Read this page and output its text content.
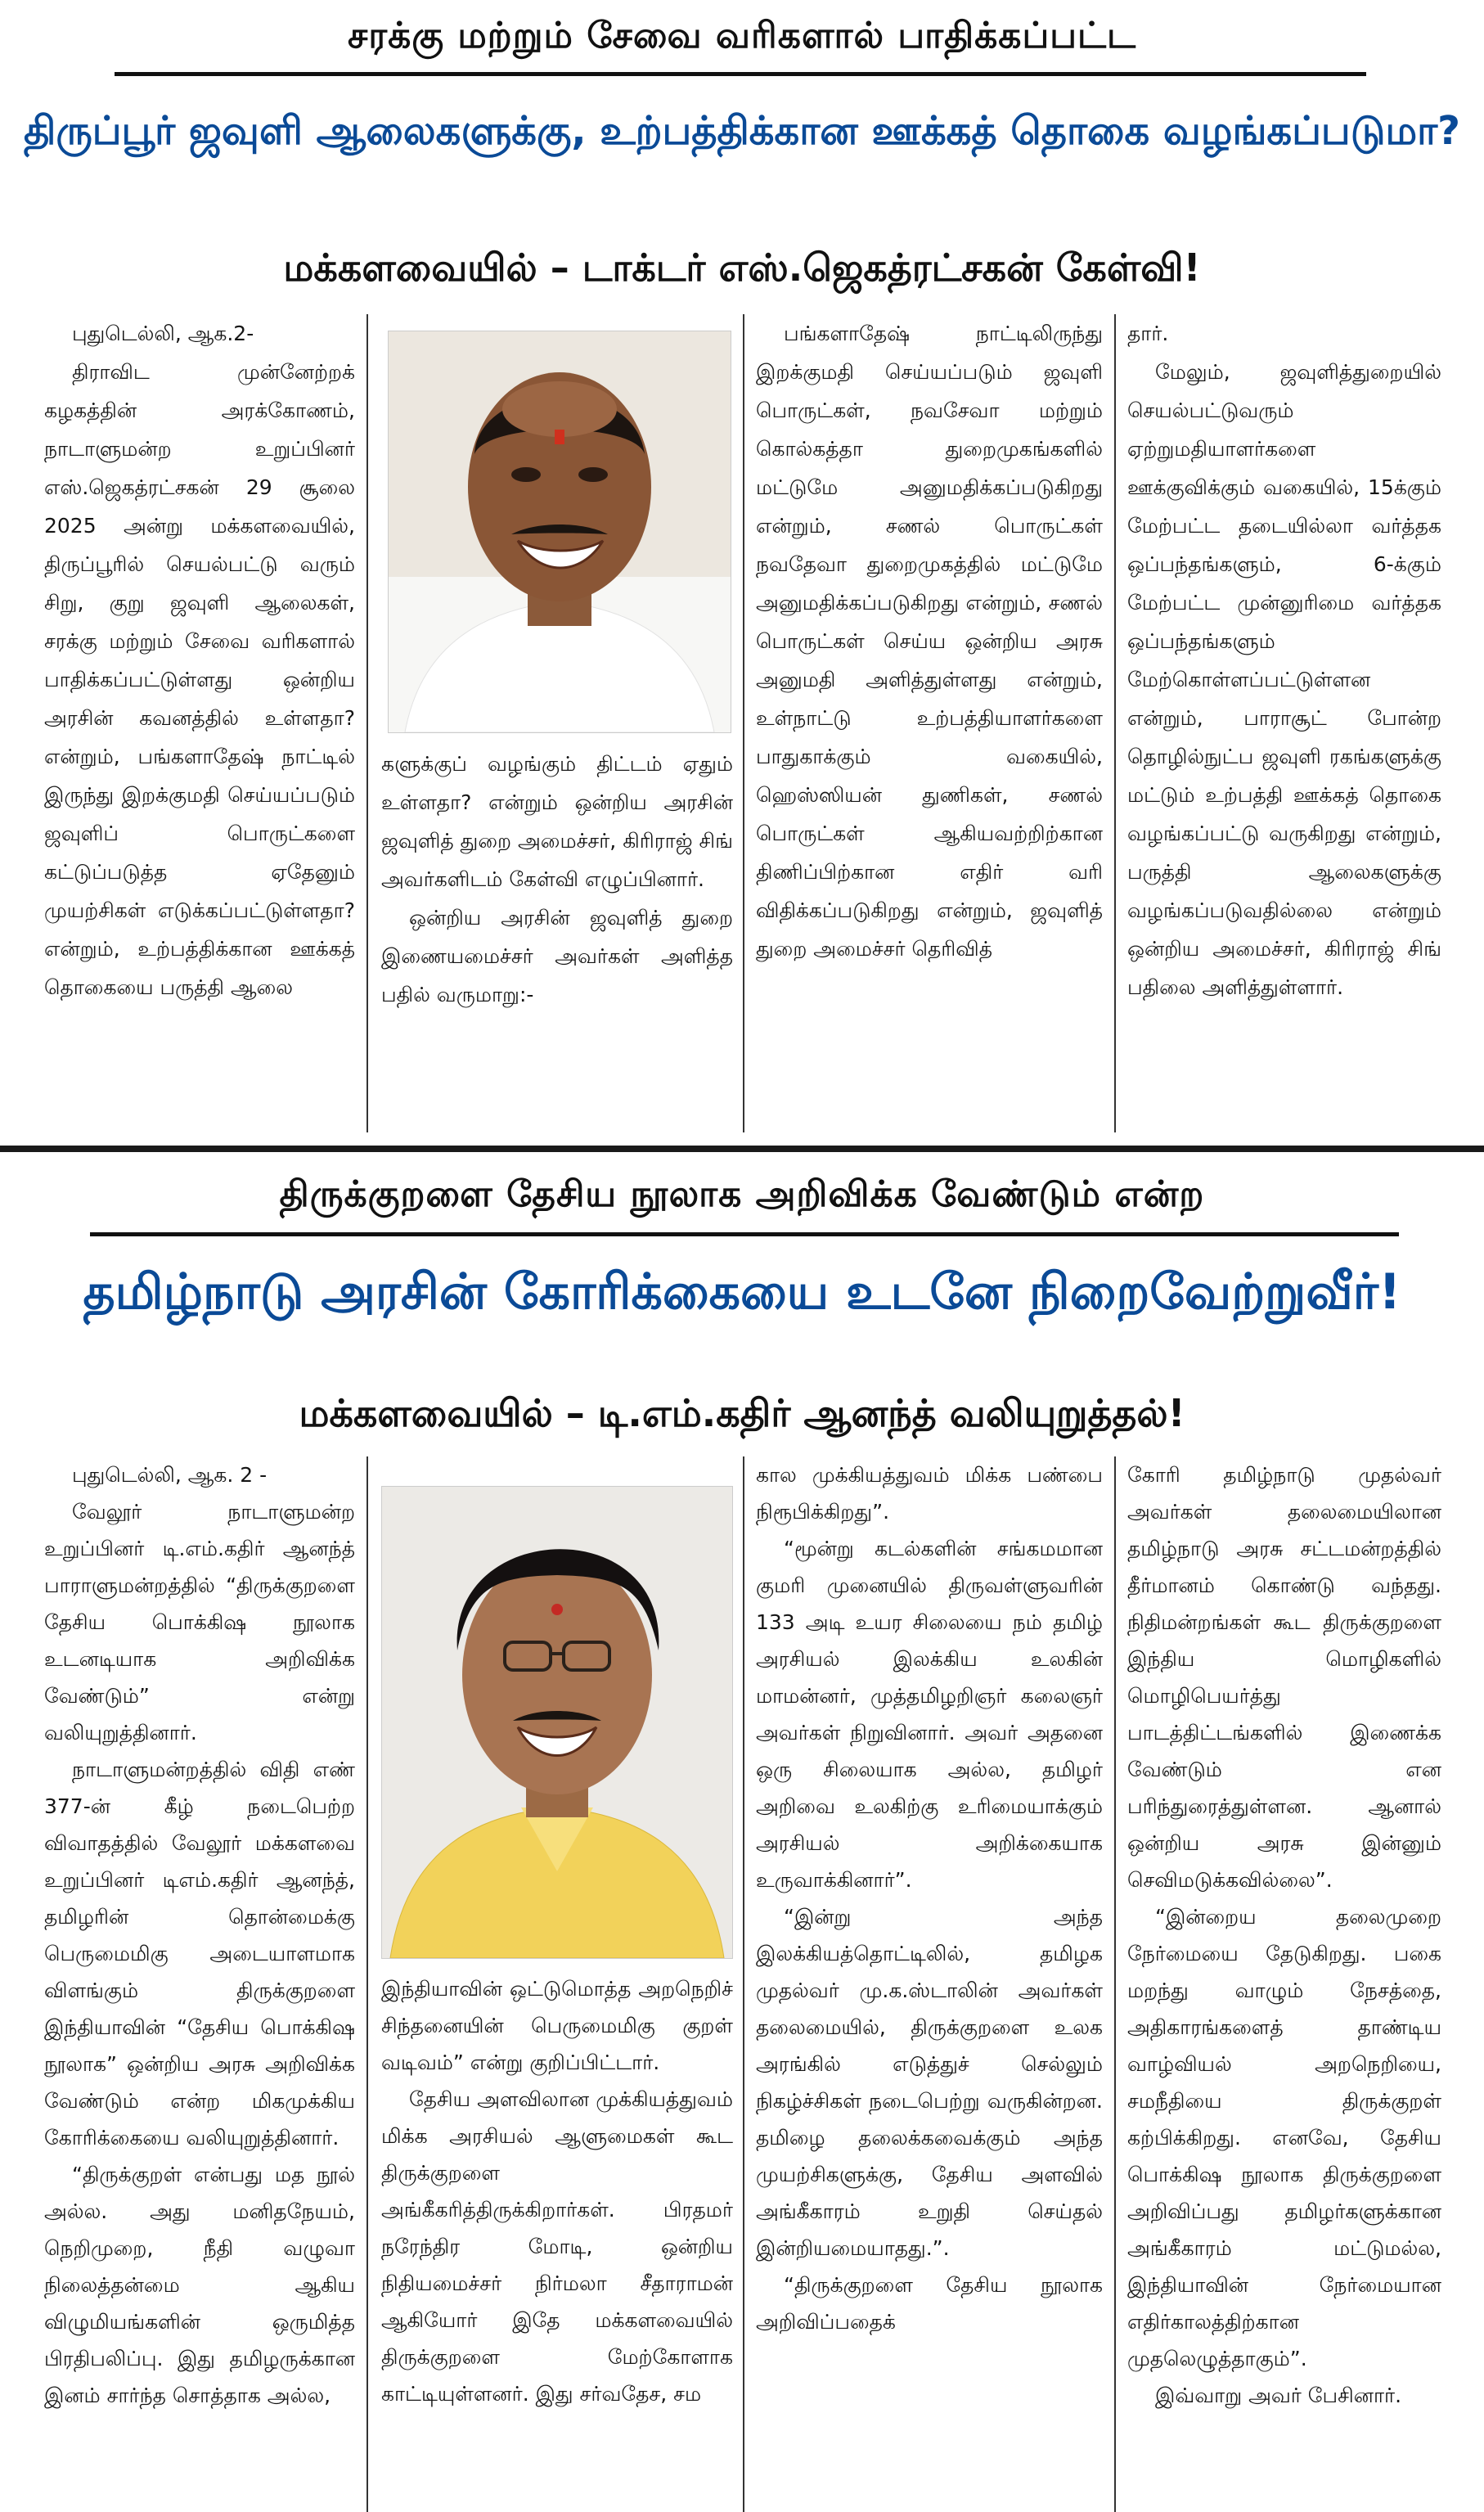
சரக்கு மற்றும் சேவை வரிகளால் பாதிக்கப்பட்ட
திருப்பூர் ஜவுளி ஆலைகளுக்கு, உற்பத்திக்கான ஊக்கத் தொகை வழங்கப்படுமா?
மக்களவையில் – டாக்டர் எஸ்.ஜெகத்ரட்சகன் கேள்வி!

புதுடெல்லி, ஆக.2-

திராவிட முன்னேற்றக் கழகத்தின் அரக்கோணம், நாடாளுமன்ற உறுப்பினர் எஸ்.ஜெகத்ரட்சகன் 29 சூலை 2025 அன்று மக்களவையில், திருப்பூரில் செயல்பட்டு வரும் சிறு, குறு ஜவுளி ஆலைகள், சரக்கு மற்றும் சேவை வரிகளால் பாதிக்கப்பட்டுள்ளது ஒன்றிய அரசின் கவனத்தில் உள்ளதா? என்றும், பங்களாதேஷ் நாட்டில் இருந்து இறக்குமதி செய்யப்படும் ஜவுளிப் பொருட்களை கட்டுப்படுத்த ஏதேனும் முயற்சிகள் எடுக்கப்பட்டுள்ளதா? என்றும், உற்பத்திக்கான ஊக்கத் தொகையை பருத்தி ஆலை

களுக்குப் வழங்கும் திட்டம் ஏதும் உள்ளதா? என்றும் ஒன்றிய அரசின் ஜவுளித் துறை அமைச்சர், கிரிராஜ் சிங் அவர்களிடம் கேள்வி எழுப்பினார்.

ஒன்றிய அரசின் ஜவுளித் துறை இணையமைச்சர் அவர்கள் அளித்த பதில் வருமாறு:-

பங்களாதேஷ் நாட்டிலிருந்து இறக்குமதி செய்யப்படும் ஜவுளி பொருட்கள், நவசேவா மற்றும் கொல்கத்தா துறைமுகங்களில் மட்டுமே அனுமதிக்கப்படுகிறது என்றும், சணல் பொருட்கள் நவதேவா துறைமுகத்தில் மட்டுமே அனுமதிக்கப்படுகிறது என்றும், சணல் பொருட்கள் செய்ய ஒன்றிய அரசு அனுமதி அளித்துள்ளது என்றும், உள்நாட்டு உற்பத்தியாளர்களை பாதுகாக்கும் வகையில், ஹெஸ்ஸியன் துணிகள், சணல் பொருட்கள் ஆகியவற்றிற்கான திணிப்பிற்கான எதிர் வரி விதிக்கப்படுகிறது என்றும், ஜவுளித் துறை அமைச்சர் தெரிவித்

தார்.

மேலும், ஜவுளித்துறையில் செயல்பட்டுவரும் ஏற்றுமதியாளர்களை ஊக்குவிக்கும் வகையில், 15க்கும் மேற்பட்ட தடையில்லா வர்த்தக ஒப்பந்தங்களும், 6-க்கும் மேற்பட்ட முன்னுரிமை வர்த்தக ஒப்பந்தங்களும் மேற்கொள்ளப்பட்டுள்ளன என்றும், பாராசூட் போன்ற தொழில்நுட்ப ஜவுளி ரகங்களுக்கு மட்டும் உற்பத்தி ஊக்கத் தொகை வழங்கப்பட்டு வருகிறது என்றும், பருத்தி ஆலைகளுக்கு வழங்கப்படுவதில்லை என்றும் ஒன்றிய அமைச்சர், கிரிராஜ் சிங் பதிலை அளித்துள்ளார்.

திருக்குறளை தேசிய நூலாக அறிவிக்க வேண்டும் என்ற
தமிழ்நாடு அரசின் கோரிக்கையை உடனே நிறைவேற்றுவீர்!
மக்களவையில் – டி.எம்.கதிர் ஆனந்த் வலியுறுத்தல்!

புதுடெல்லி, ஆக. 2 -

வேலூர் நாடாளுமன்ற உறுப்பினர் டி.எம்.கதிர் ஆனந்த் பாராளுமன்றத்தில் “திருக்குறளை தேசிய பொக்கிஷ நூலாக உடனடியாக அறிவிக்க வேண்டும்” என்று வலியுறுத்தினார்.

நாடாளுமன்றத்தில் விதி எண் 377-ன் கீழ் நடைபெற்ற விவாதத்தில் வேலூர் மக்களவை உறுப்பினர் டிஎம்.கதிர் ஆனந்த், தமிழரின் தொன்மைக்கு பெருமைமிகு அடையாளமாக விளங்கும் திருக்குறளை இந்தியாவின் “தேசிய பொக்கிஷ நூலாக” ஒன்றிய அரசு அறிவிக்க வேண்டும் என்ற மிகமுக்கிய கோரிக்கையை வலியுறுத்தினார்.

“திருக்குறள் என்பது மத நூல் அல்ல. அது மனிதநேயம், நெறிமுறை, நீதி வழுவா நிலைத்தன்மை ஆகிய விழுமியங்களின் ஒருமித்த பிரதிபலிப்பு. இது தமிழருக்கான இனம் சார்ந்த சொத்தாக அல்ல,

இந்தியாவின் ஒட்டுமொத்த அறநெறிச் சிந்தனையின் பெருமைமிகு குறள் வடிவம்” என்று குறிப்பிட்டார்.

தேசிய அளவிலான முக்கியத்துவம் மிக்க அரசியல் ஆளுமைகள் கூட திருக்குறளை அங்கீகரித்திருக்கிறார்கள். பிரதமர் நரேந்திர மோடி, ஒன்றிய நிதியமைச்சர் நிர்மலா சீதாராமன் ஆகியோர் இதே மக்களவையில் திருக்குறளை மேற்கோளாக காட்டியுள்ளனர். இது சர்வதேச, சம

கால முக்கியத்துவம் மிக்க பண்பை நிரூபிக்கிறது”.

“மூன்று கடல்களின் சங்கமமான குமரி முனையில் திருவள்ளுவரின் 133 அடி உயர சிலையை நம் தமிழ் அரசியல் இலக்கிய உலகின் மாமன்னர், முத்தமிழறிஞர் கலைஞர் அவர்கள் நிறுவினார். அவர் அதனை ஒரு சிலையாக அல்ல, தமிழர் அறிவை உலகிற்கு உரிமையாக்கும் அரசியல் அறிக்கையாக உருவாக்கினார்”.

“இன்று அந்த இலக்கியத்தொட்டிலில், தமிழக முதல்வர் மு.க.ஸ்டாலின் அவர்கள் தலைமையில், திருக்குறளை உலக அரங்கில் எடுத்துச் செல்லும் நிகழ்ச்சிகள் நடைபெற்று வருகின்றன. தமிழை தலைக்கவைக்கும் அந்த முயற்சிகளுக்கு, தேசிய அளவில் அங்கீகாரம் உறுதி செய்தல் இன்றியமையாதது.”.

“திருக்குறளை தேசிய நூலாக அறிவிப்பதைக்

கோரி தமிழ்நாடு முதல்வர் அவர்கள் தலைமையிலான தமிழ்நாடு அரசு சட்டமன்றத்தில் தீர்மானம் கொண்டு வந்தது. நிதிமன்றங்கள் கூட திருக்குறளை இந்திய மொழிகளில் மொழிபெயர்த்து பாடத்திட்டங்களில் இணைக்க வேண்டும் என பரிந்துரைத்துள்ளன. ஆனால் ஒன்றிய அரசு இன்னும் செவிமடுக்கவில்லை”.

“இன்றைய தலைமுறை நேர்மையை தேடுகிறது. பகை மறந்து வாழும் நேசத்தை, அதிகாரங்களைத் தாண்டிய வாழ்வியல் அறநெறியை, சமநீதியை திருக்குறள் கற்பிக்கிறது. எனவே, தேசிய பொக்கிஷ நூலாக திருக்குறளை அறிவிப்பது தமிழர்களுக்கான அங்கீகாரம் மட்டுமல்ல, இந்தியாவின் நேர்மையான எதிர்காலத்திற்கான முதலெழுத்தாகும்”.

இவ்வாறு அவர் பேசினார்.
